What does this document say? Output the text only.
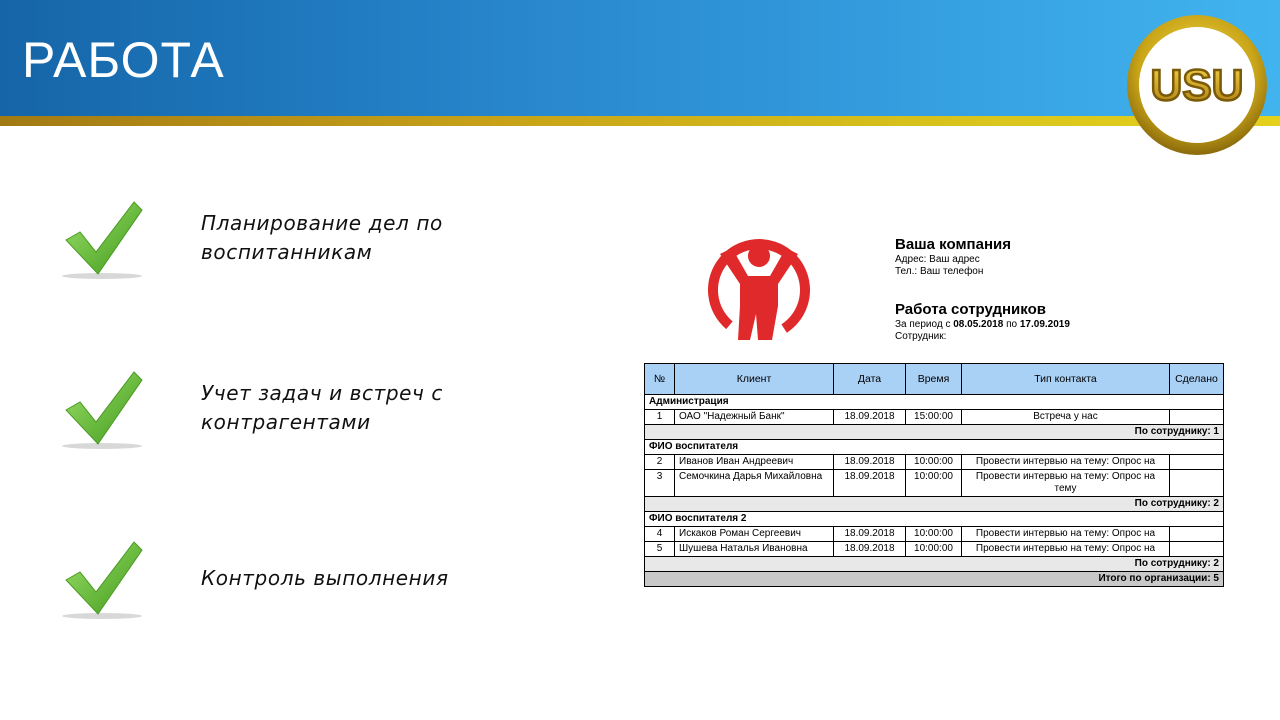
РАБОТА	USU
Планирование дел по
воспитанникам
Учет задач и встреч с
контрагентами
Контроль выполнения
Ваша компания
Адрес: Ваш адрес
Тел.: Ваш телефон
Работа сотрудников
За период с 08.05.2018 по 17.09.2019
Сотрудник:
№	Клиент	Дата	Время	Тип контакта	Сделано
Администрация					
1	ОАО "Надежный Банк"	18.09.2018	15:00:00	Встреча у нас	
По сотруднику: 1					
ФИО воспитателя					
2	Иванов Иван Андреевич	18.09.2018	10:00:00	Провести интервью на тему: Опрос на	
3	Семочкина Дарья Михайловна	18.09.2018	10:00:00	Провести интервью на тему: Опрос на тему	
По сотруднику: 2					
ФИО воспитателя 2					
4	Искаков Роман Сергеевич	18.09.2018	10:00:00	Провести интервью на тему: Опрос на	
5	Шушева Наталья Ивановна	18.09.2018	10:00:00	Провести интервью на тему: Опрос на	
По сотруднику: 2					
Итого по организации: 5					
